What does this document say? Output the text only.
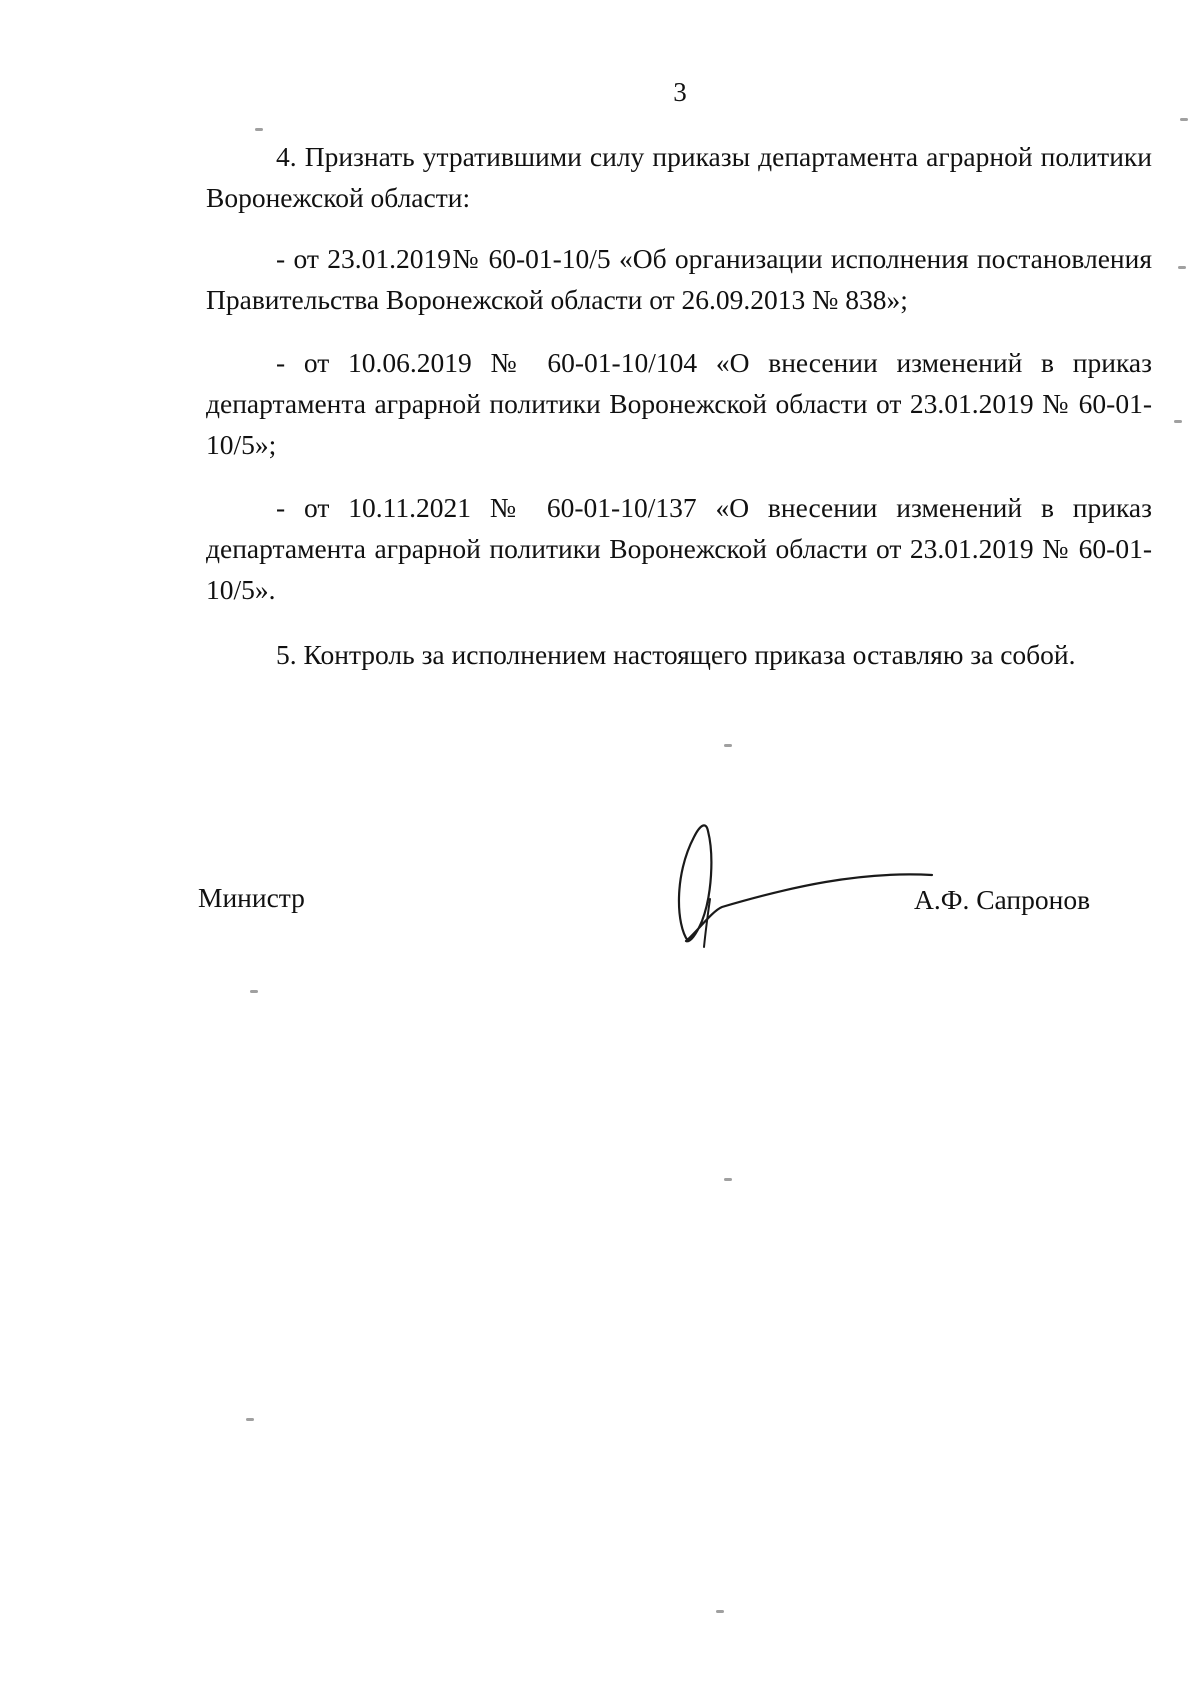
3

4. Признать утратившими силу приказы департамента аграрной политики Воронежской области:

- от 23.01.2019№ 60-01-10/5 «Об организации исполнения постановления Правительства Воронежской области от 26.09.2013 № 838»;

- от 10.06.2019 № 60-01-10/104 «О внесении изменений в приказ департамента аграрной политики Воронежской области от 23.01.2019 № 60-01-10/5»;

- от 10.11.2021 № 60-01-10/137 «О внесении изменений в приказ департамента аграрной политики Воронежской области от 23.01.2019 № 60-01-10/5».

5. Контроль за исполнением настоящего приказа оставляю за собой.

Министр	А.Ф. Сапронов
